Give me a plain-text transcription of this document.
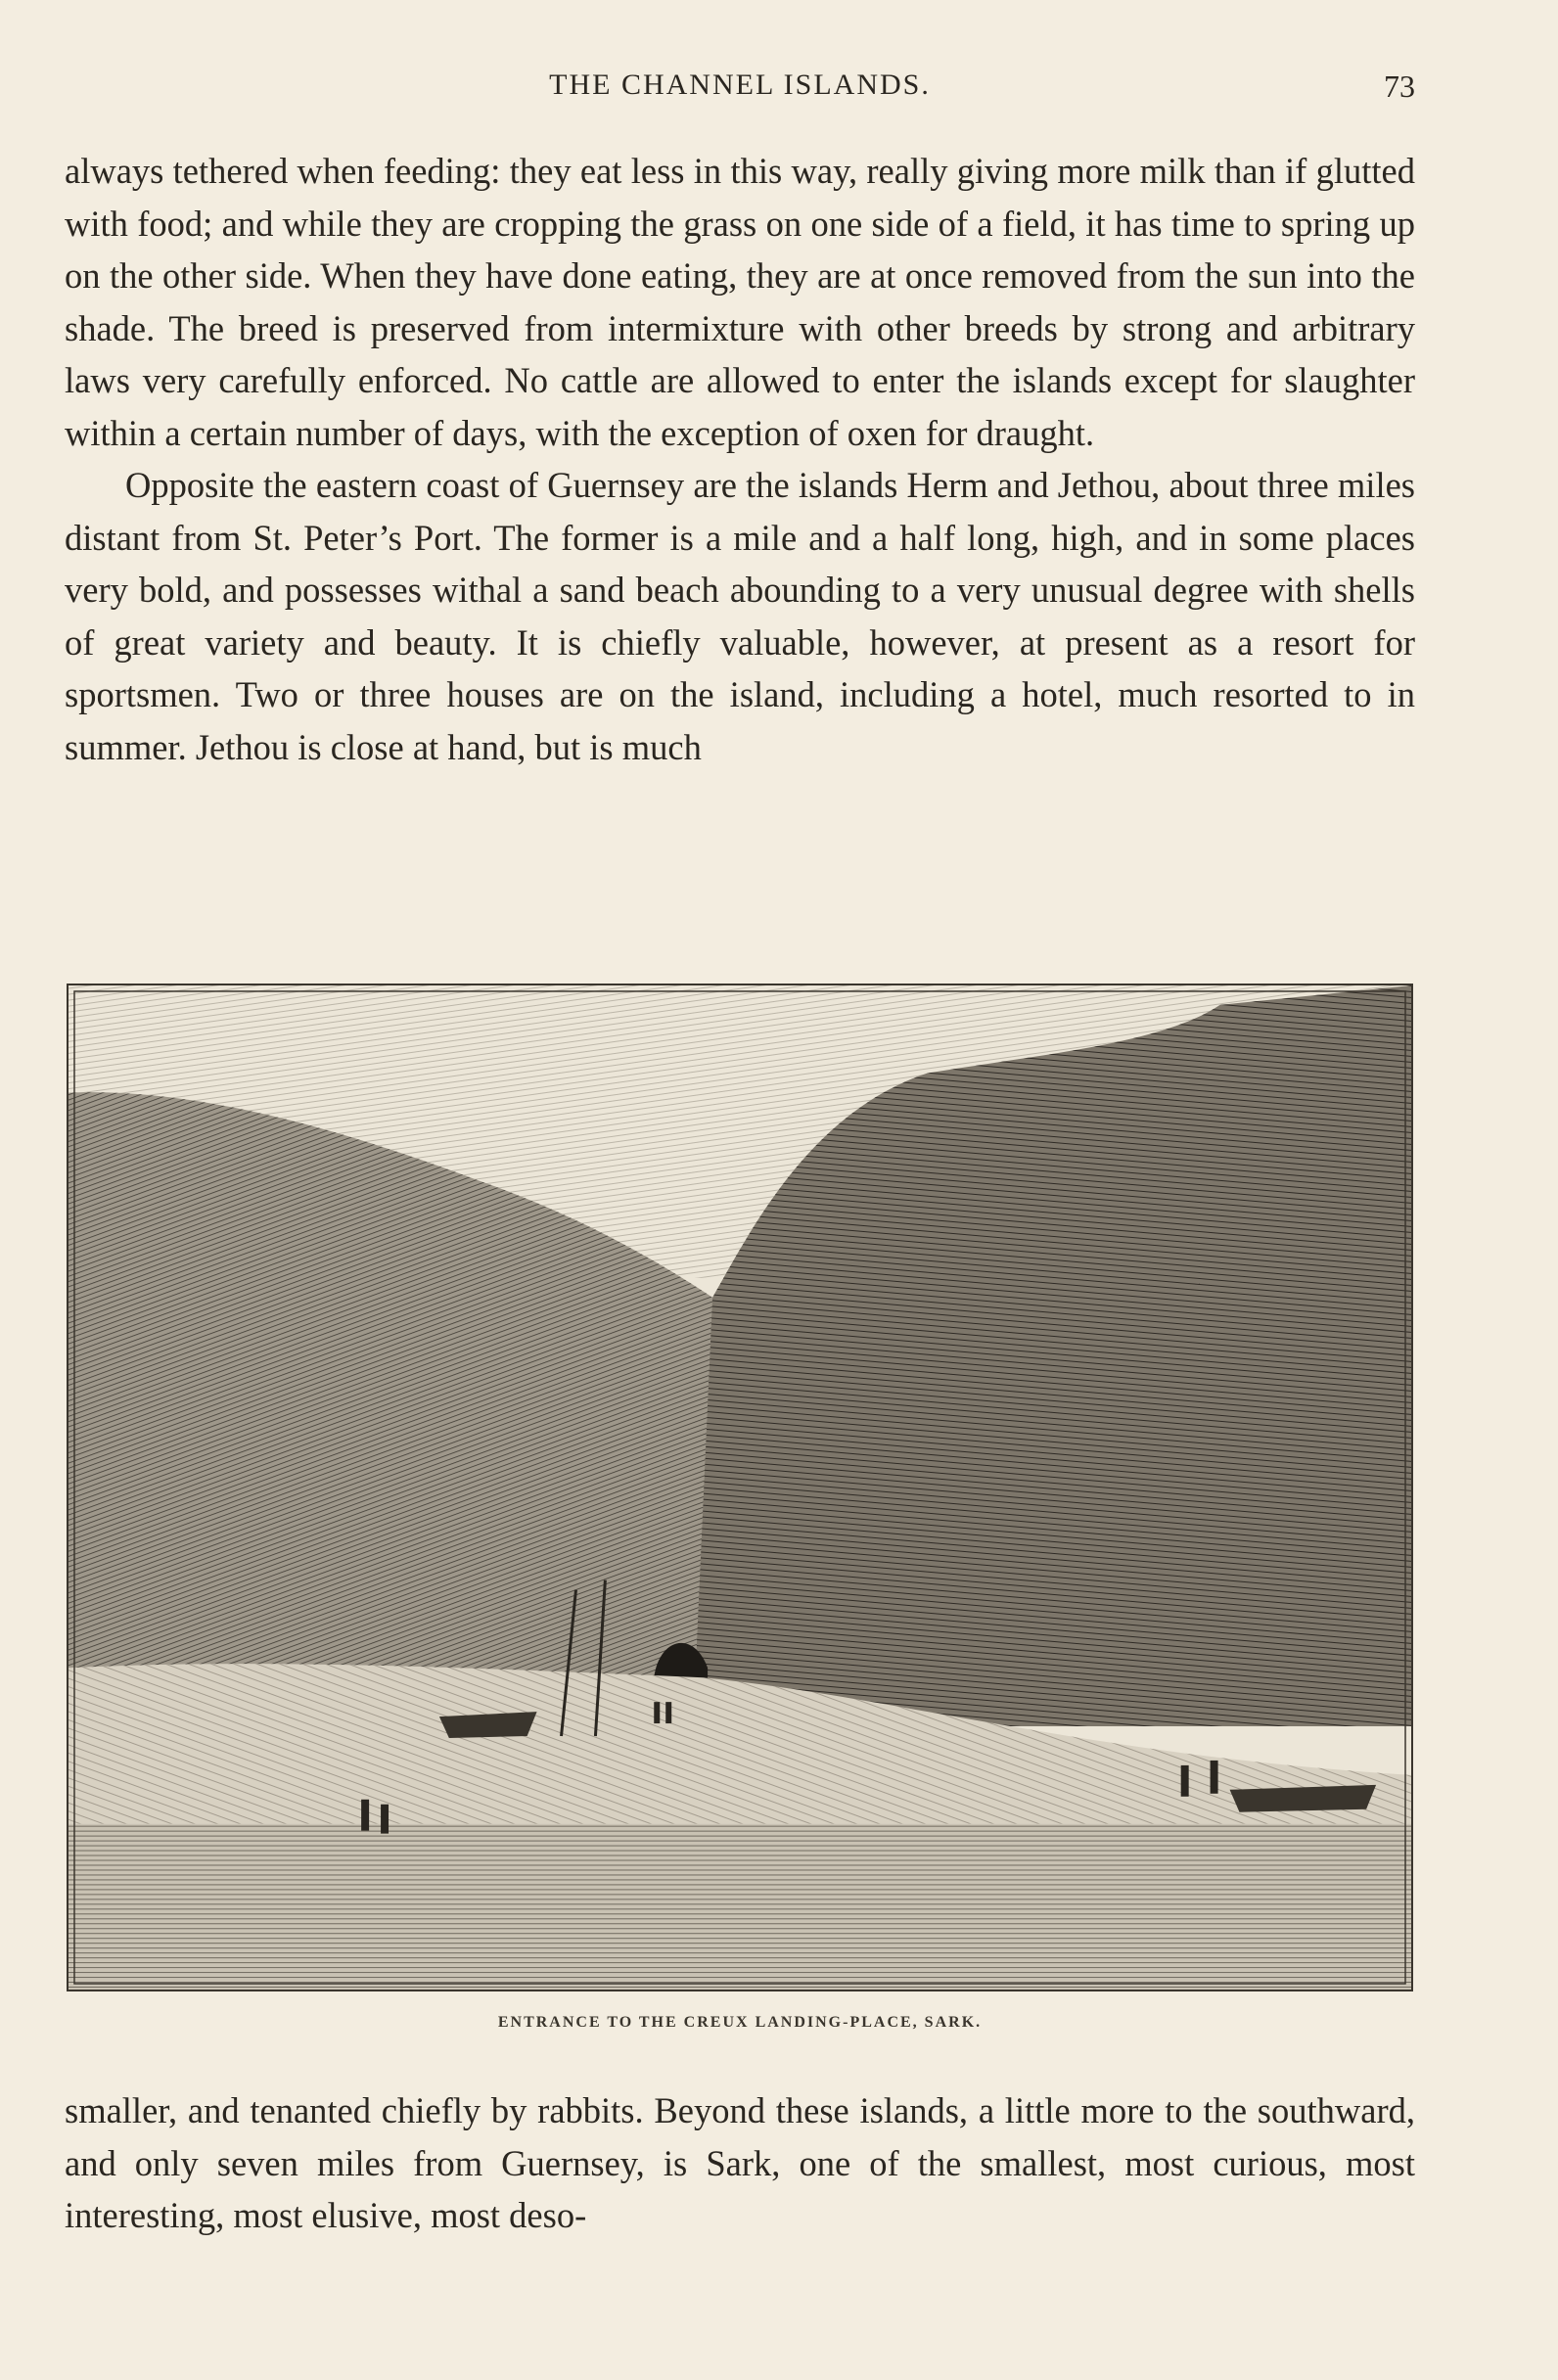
THE CHANNEL ISLANDS.	73

always tethered when feeding: they eat less in this way, really giving more milk than if glutted with food; and while they are cropping the grass on one side of a field, it has time to spring up on the other side. When they have done eating, they are at once removed from the sun into the shade. The breed is preserved from intermixture with other breeds by strong and arbitrary laws very carefully enforced. No cattle are allowed to enter the islands except for slaughter within a certain number of days, with the exception of oxen for draught.

Opposite the eastern coast of Guernsey are the islands Herm and Jethou, about three miles distant from St. Peter’s Port. The former is a mile and a half long, high, and in some places very bold, and possesses withal a sand beach abounding to a very unusual degree with shells of great variety and beauty. It is chiefly valuable, however, at present as a resort for sportsmen. Two or three houses are on the island, including a hotel, much resorted to in summer. Jethou is close at hand, but is much

ENTRANCE TO THE CREUX LANDING-PLACE, SARK.

smaller, and tenanted chiefly by rabbits. Beyond these islands, a little more to the southward, and only seven miles from Guernsey, is Sark, one of the smallest, most curious, most interesting, most elusive, most deso-
